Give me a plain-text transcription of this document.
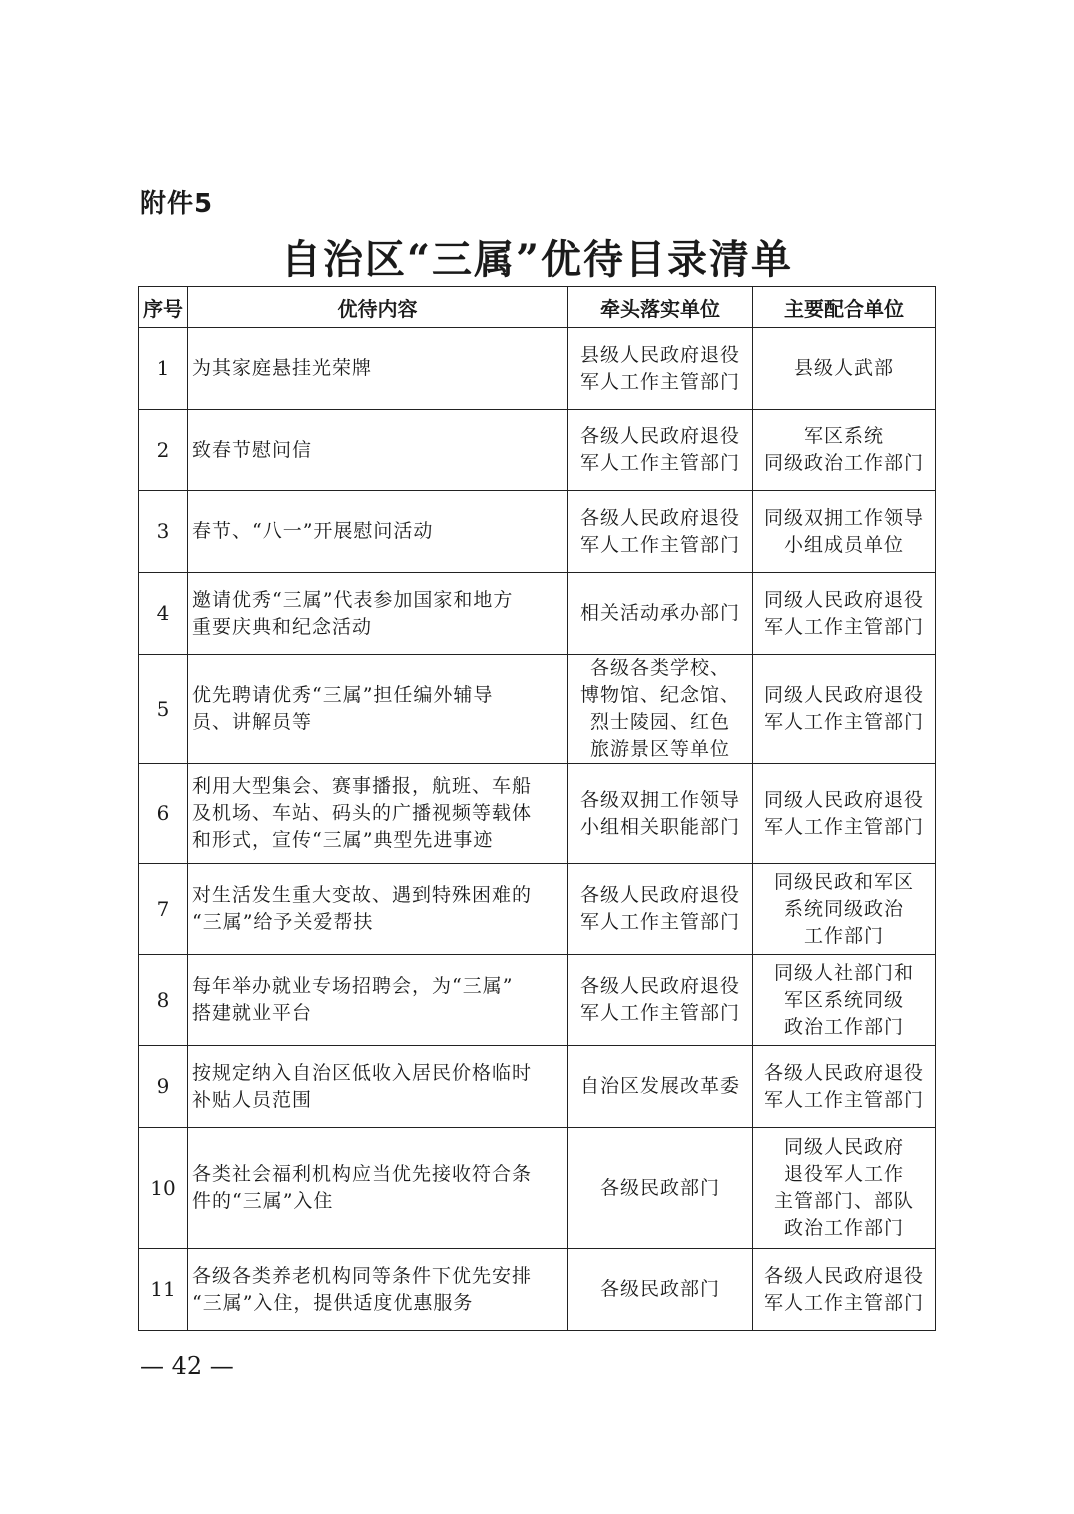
附件5
自治区“三属”优待目录清单
序号	优待内容	牵头落实单位	主要配合单位
1	为其家庭悬挂光荣牌	县级人民政府退役
军人工作主管部门	县级人武部

2	致春节慰问信	各级人民政府退役
军人工作主管部门	军区系统
同级政治工作部门

3	春节、“八一”开展慰问活动	各级人民政府退役
军人工作主管部门	同级双拥工作领导
小组成员单位

4	邀请优秀“三属”代表参加国家和地方
重要庆典和纪念活动	相关活动承办部门	同级人民政府退役
军人工作主管部门

5	优先聘请优秀“三属”担任编外辅导
员、讲解员等	各级各类学校、
博物馆、纪念馆、
烈士陵园、红色
旅游景区等单位	同级人民政府退役
军人工作主管部门

6	利用大型集会、赛事播报，航班、车船
及机场、车站、码头的广播视频等载体
和形式，宣传“三属”典型先进事迹	各级双拥工作领导
小组相关职能部门	同级人民政府退役
军人工作主管部门

7	对生活发生重大变故、遇到特殊困难的
“三属”给予关爱帮扶	各级人民政府退役
军人工作主管部门	同级民政和军区
系统同级政治
工作部门

8	每年举办就业专场招聘会，为“三属”
搭建就业平台	各级人民政府退役
军人工作主管部门	同级人社部门和
军区系统同级
政治工作部门

9	按规定纳入自治区低收入居民价格临时
补贴人员范围	自治区发展改革委	各级人民政府退役
军人工作主管部门

10	各类社会福利机构应当优先接收符合条
件的“三属”入住	各级民政部门	同级人民政府
退役军人工作
主管部门、部队
政治工作部门

11	各级各类养老机构同等条件下优先安排
“三属”入住，提供适度优惠服务	各级民政部门	各级人民政府退役
军人工作主管部门
— 42 —
